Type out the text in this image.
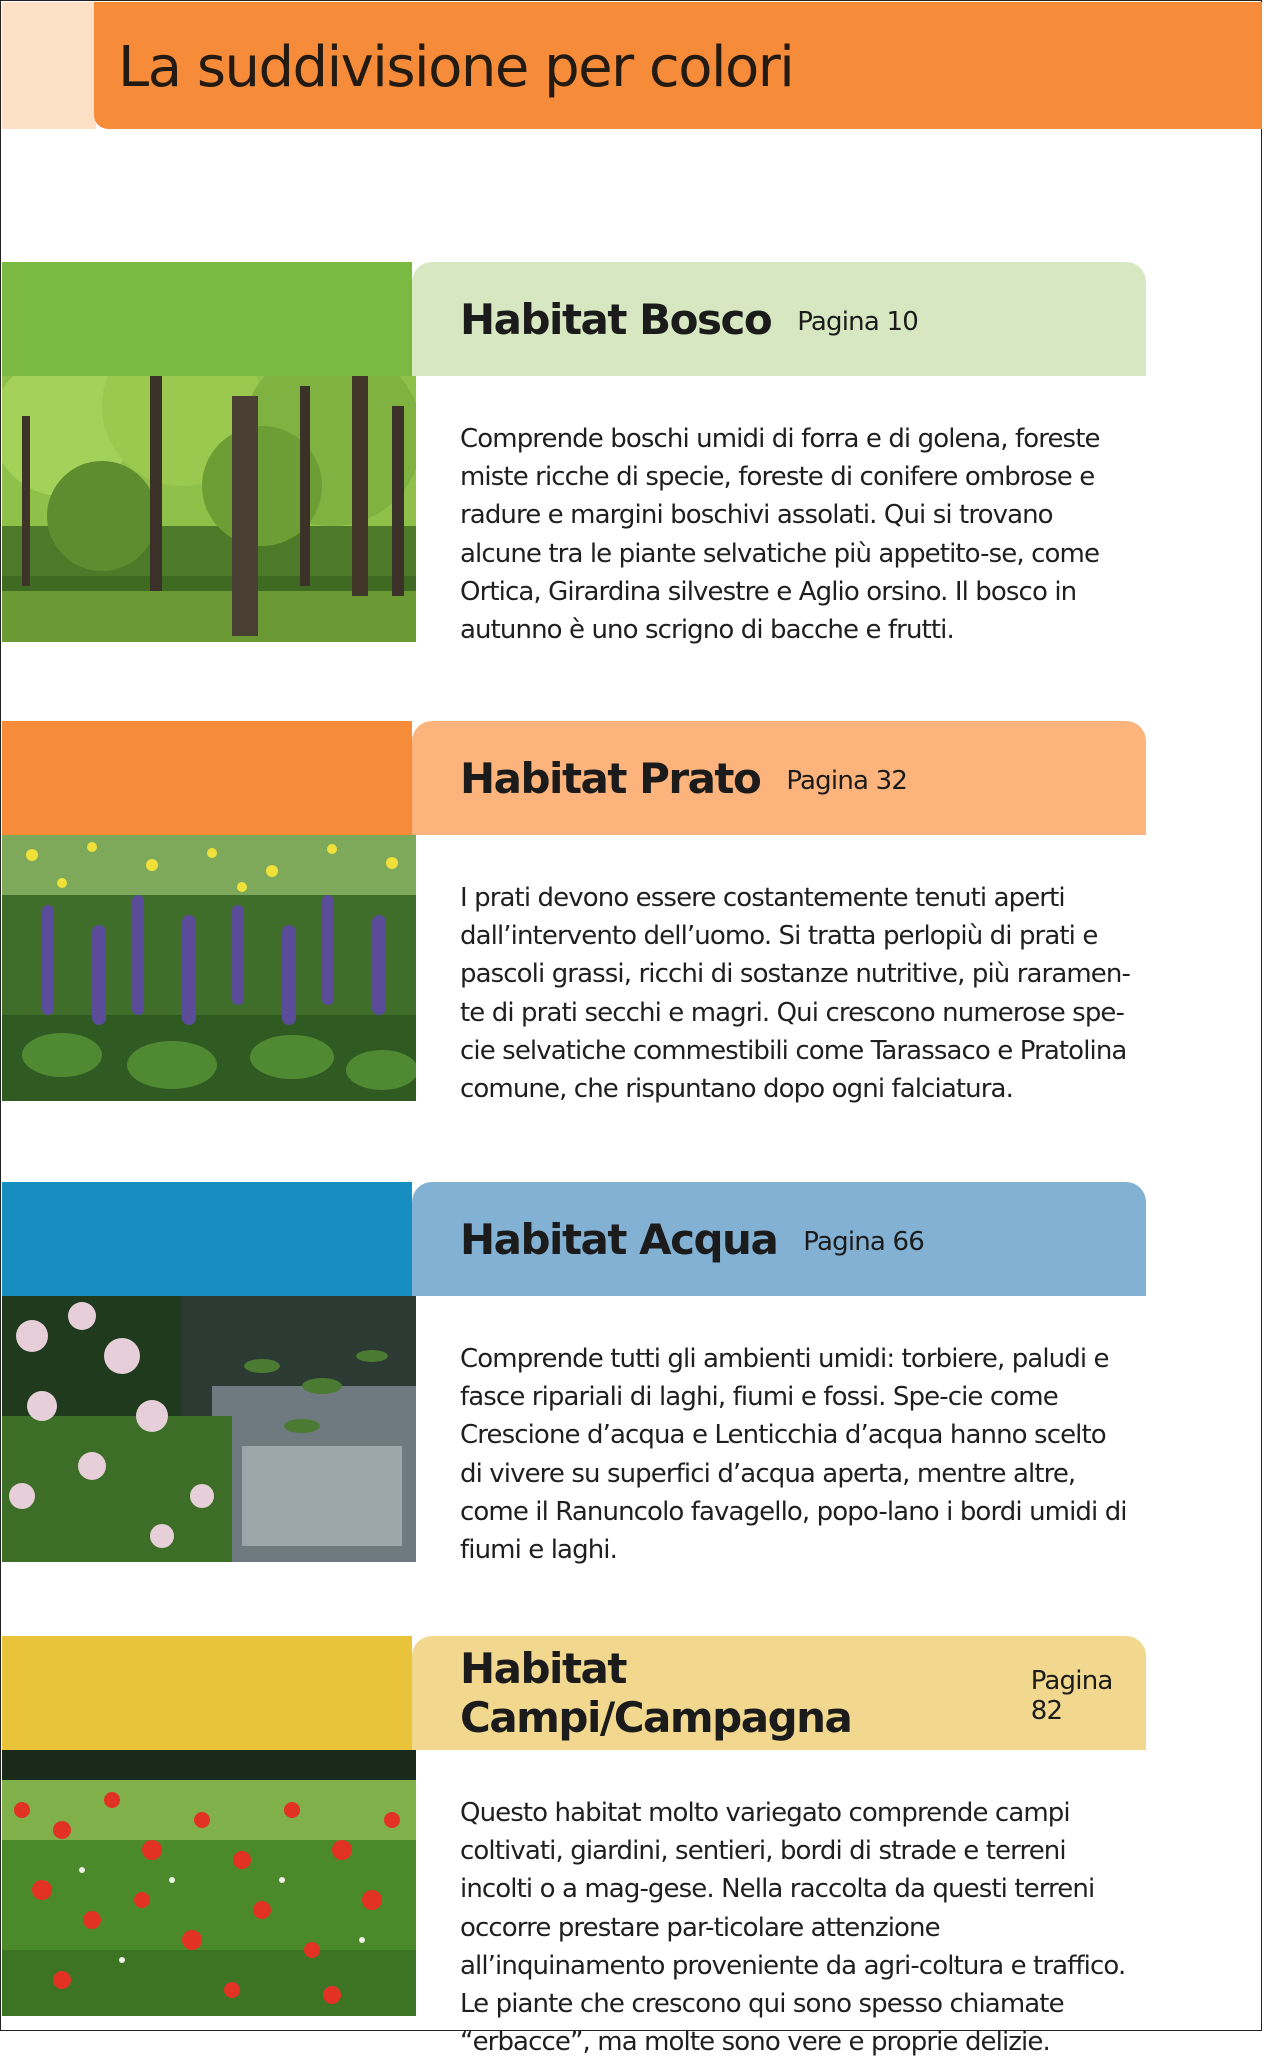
La suddivisione per colori
Habitat Bosco Pagina 10
Comprende boschi umidi di forra e di golena, foreste miste ricche di specie, foreste di conifere ombrose e radure e margini boschivi assolati. Qui si trovano alcune tra le piante selvatiche più appetito-se, come Ortica, Girardina silvestre e Aglio orsino. Il bosco in autunno è uno scrigno di bacche e frutti.
Habitat Prato Pagina 32
I prati devono essere costantemente tenuti aperti dall’intervento dell’uomo. Si tratta perlopiù di prati e pascoli grassi, ricchi di sostanze nutritive, più raramen-te di prati secchi e magri. Qui crescono numerose spe-cie selvatiche commestibili come Tarassaco e Pratolina comune, che rispuntano dopo ogni falciatura.
Habitat Acqua Pagina 66
Comprende tutti gli ambienti umidi: torbiere, paludi e fasce ripariali di laghi, fiumi e fossi. Spe-cie come Crescione d’acqua e Lenticchia d’acqua hanno scelto di vivere su superfici d’acqua aperta, mentre altre, come il Ranuncolo favagello, popo-lano i bordi umidi di fiumi e laghi.
Habitat Campi/Campagna
Pagina 82
Questo habitat molto variegato comprende campi coltivati, giardini, sentieri, bordi di strade e terreni incolti o a mag-gese. Nella raccolta da questi terreni occorre prestare par-ticolare attenzione all’inquinamento proveniente da agri-coltura e traffico. Le piante che crescono qui sono spesso chiamate “erbacce”, ma molte sono vere e proprie delizie.
